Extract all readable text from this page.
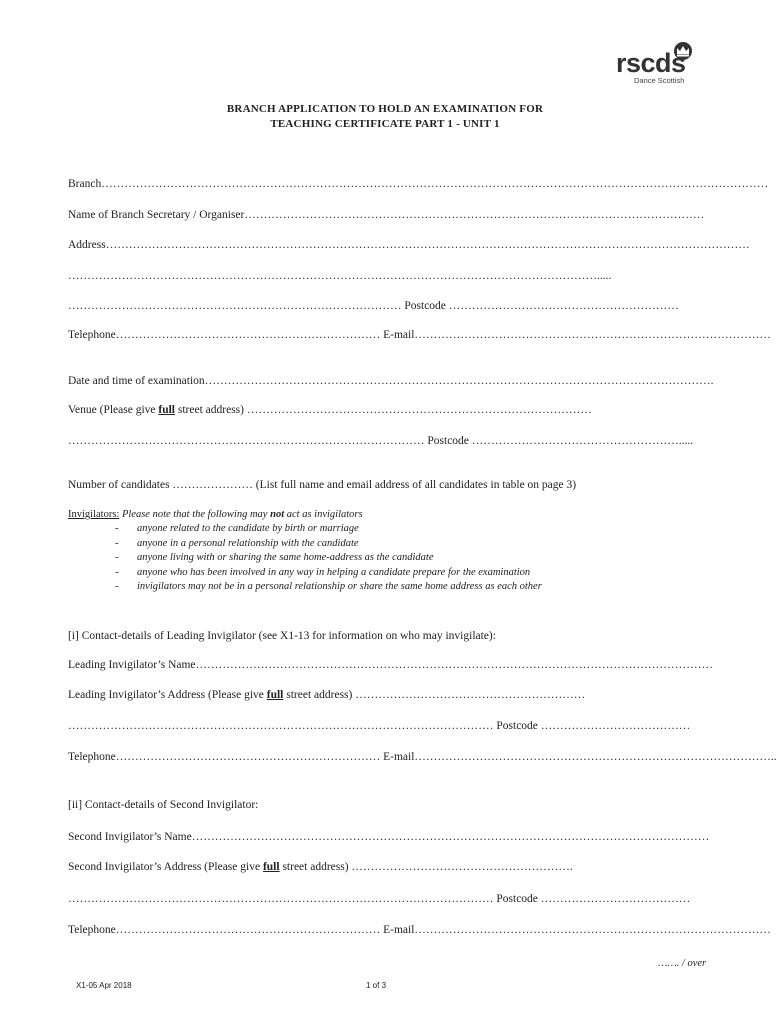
rscds
Dance Scottish
BRANCH APPLICATION TO HOLD AN EXAMINATION FOR
TEACHING CERTIFICATE PART 1 - UNIT 1
Branch…………………………………………………………………………………………………………………………………………………………
Name of Branch Secretary / Organiser…………………………………………………………………………………………………………
Address……………………………………………………………………………………………………………………………………………………
………………………………………………………………………………………………………………………….....
…………………………………………………………………………… Postcode ……………………………………………………
Telephone…………………………………………………………… E-mail…………………………………………………………………………………
Date and time of examination…………………………………………………………………………………………………………………….
Venue (Please give full street address) ………………………………………………………………………………
………………………………………………………………………………… Postcode ……………………………………………….....
Number of candidates ………………… (List full name and email address of all candidates in table on page 3)
Invigilators: Please note that the following may not act as invigilators
- anyone related to the candidate by birth or marriage
- anyone in a personal relationship with the candidate
- anyone living with or sharing the same home-address as the candidate
- anyone who has been involved in any way in helping a candidate prepare for the examination
- invigilators may not be in a personal relationship or share the same home address as each other
[i] Contact-details of Leading Invigilator (see X1-13 for information on who may invigilate):
Leading Invigilator’s Name………………………………………………………………………………………………………………………
Leading Invigilator’s Address (Please give full street address) ……………………………………………………
………………………………………………………………………………………………… Postcode …………………………………
Telephone…………………………………………………………… E-mail…………………………………………………………………………………..
[ii] Contact-details of Second Invigilator:
Second Invigilator’s Name………………………………………………………………………………………………………………………
Second Invigilator’s Address (Please give full street address) ………………………………………………….
………………………………………………………………………………………………… Postcode …………………………………
Telephone…………………………………………………………… E-mail…………………………………………………………………………………
……. / over
X1-05 Apr 2018	1 of 3
